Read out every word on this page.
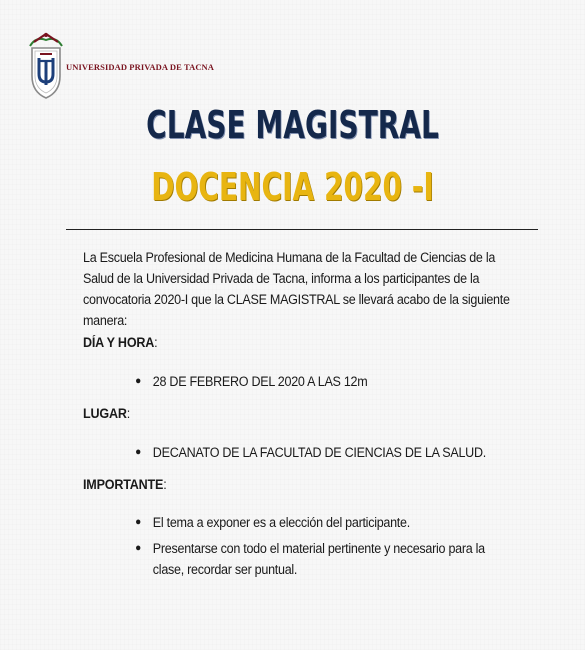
UNIVERSIDAD PRIVADA DE TACNA
CLASE MAGISTRAL
DOCENCIA 2020 -I
La Escuela Profesional de Medicina Humana de la Facultad de Ciencias de la Salud de la Universidad Privada de Tacna, informa a los participantes de la convocatoria 2020-I que la CLASE MAGISTRAL se llevará acabo de la siguiente manera:
DÍA Y HORA:
● 28 DE FEBRERO DEL 2020 A LAS 12m
LUGAR:
● DECANATO DE LA FACULTAD DE CIENCIAS DE LA SALUD.
IMPORTANTE:
● El tema a exponer es a elección del participante.
● Presentarse con todo el material pertinente y necesario para la clase, recordar ser puntual.
